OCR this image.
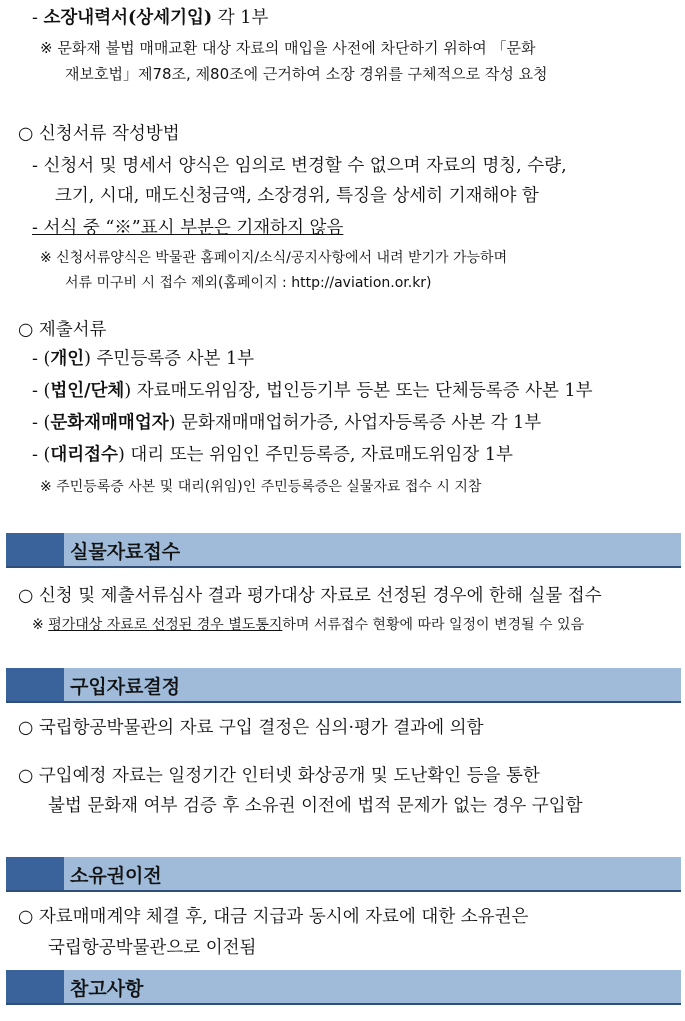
- 소장내력서(상세기입) 각 1부
※ 문화재 불법 매매교환 대상 자료의 매입을 사전에 차단하기 위하여 「문화
재보호법」제78조, 제80조에 근거하여 소장 경위를 구체적으로 작성 요청
○ 신청서류 작성방법
- 신청서 및 명세서 양식은 임의로 변경할 수 없으며 자료의 명칭, 수량,
크기, 시대, 매도신청금액, 소장경위, 특징을 상세히 기재해야 함
- 서식 중 “※”표시 부분은 기재하지 않음
※ 신청서류양식은 박물관 홈페이지/소식/공지사항에서 내려 받기가 가능하며
서류 미구비 시 접수 제외(홈페이지 : http://aviation.or.kr)
○ 제출서류
- (개인) 주민등록증 사본 1부
- (법인/단체) 자료매도위임장, 법인등기부 등본 또는 단체등록증 사본 1부
- (문화재매매업자) 문화재매매업허가증, 사업자등록증 사본 각 1부
- (대리접수) 대리 또는 위임인 주민등록증, 자료매도위임장 1부
※ 주민등록증 사본 및 대리(위임)인 주민등록증은 실물자료 접수 시 지참
실물자료접수
○ 신청 및 제출서류심사 결과 평가대상 자료로 선정된 경우에 한해 실물 접수
※ 평가대상 자료로 선정된 경우 별도통지하며 서류접수 현황에 따라 일정이 변경될 수 있음
구입자료결정
○ 국립항공박물관의 자료 구입 결정은 심의·평가 결과에 의함
○ 구입예정 자료는 일정기간 인터넷 화상공개 및 도난확인 등을 통한
불법 문화재 여부 검증 후 소유권 이전에 법적 문제가 없는 경우 구입함
소유권이전
○ 자료매매계약 체결 후, 대금 지급과 동시에 자료에 대한 소유권은
국립항공박물관으로 이전됨
참고사항
